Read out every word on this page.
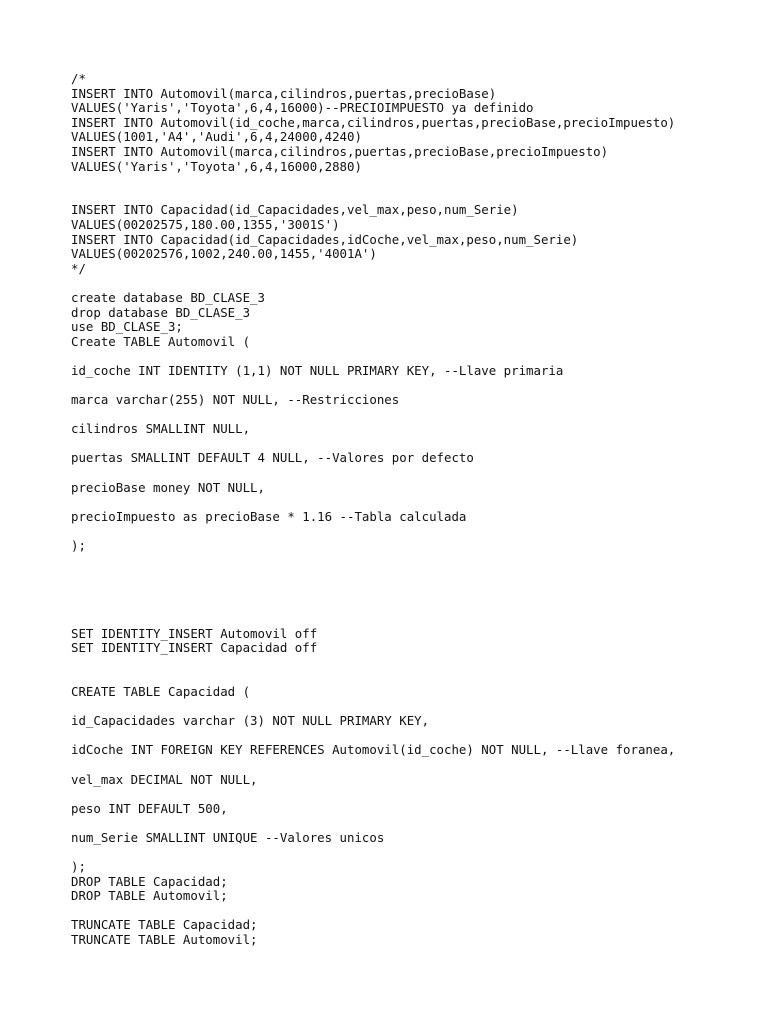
/*
INSERT INTO Automovil(marca,cilindros,puertas,precioBase)
VALUES('Yaris','Toyota',6,4,16000)--PRECIOIMPUESTO ya definido
INSERT INTO Automovil(id_coche,marca,cilindros,puertas,precioBase,precioImpuesto)
VALUES(1001,'A4','Audi',6,4,24000,4240)
INSERT INTO Automovil(marca,cilindros,puertas,precioBase,precioImpuesto)
VALUES('Yaris','Toyota',6,4,16000,2880)
INSERT INTO Capacidad(id_Capacidades,vel_max,peso,num_Serie)
VALUES(00202575,180.00,1355,'3001S')
INSERT INTO Capacidad(id_Capacidades,idCoche,vel_max,peso,num_Serie)
VALUES(00202576,1002,240.00,1455,'4001A')
*/
create database BD_CLASE_3
drop database BD_CLASE_3
use BD_CLASE_3;
Create TABLE Automovil (
id_coche INT IDENTITY (1,1) NOT NULL PRIMARY KEY, --Llave primaria
marca varchar(255) NOT NULL, --Restricciones
cilindros SMALLINT NULL,
puertas SMALLINT DEFAULT 4 NULL, --Valores por defecto
precioBase money NOT NULL,
precioImpuesto as precioBase * 1.16 --Tabla calculada
);
SET IDENTITY_INSERT Automovil off
SET IDENTITY_INSERT Capacidad off
CREATE TABLE Capacidad (
id_Capacidades varchar (3) NOT NULL PRIMARY KEY,
idCoche INT FOREIGN KEY REFERENCES Automovil(id_coche) NOT NULL, --Llave foranea,
vel_max DECIMAL NOT NULL,
peso INT DEFAULT 500,
num_Serie SMALLINT UNIQUE --Valores unicos
);
DROP TABLE Capacidad;
DROP TABLE Automovil;
TRUNCATE TABLE Capacidad;
TRUNCATE TABLE Automovil;
